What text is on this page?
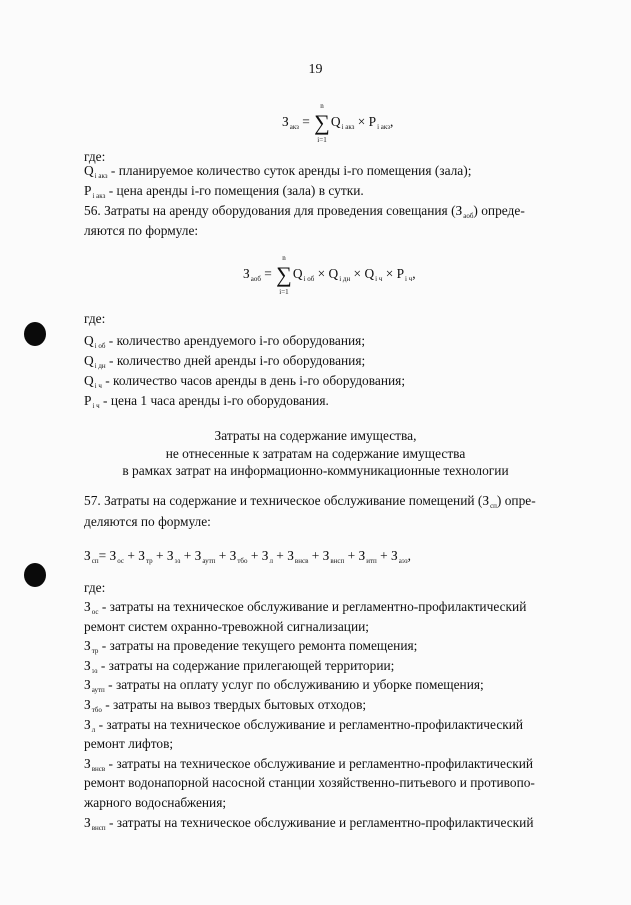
19
$З_{акз}$ = ∑
n
i=1
$Q_{i акз} \times P_{i акз}$,
где:
$Q_{i акз}$ - планируемое количество суток аренды i-го помещения (зала);
$P_{i акз}$ - цена аренды i-го помещения (зала) в сутки.
56. Затраты на аренду оборудования для проведения совещания $(З_{аоб})$ опреде-
ляются по формуле:
$З_{аоб}$ = ∑
n
i=1
$Q_{i об} \times Q_{i дн} \times Q_{i ч} \times P_{i ч}$,
где:
$Q_{i об}$ - количество арендуемого i-го оборудования;
$Q_{i дн}$ - количество дней аренды i-го оборудования;
$Q_{i ч}$ - количество часов аренды в день i-го оборудования;
$P_{i ч}$ - цена 1 часа аренды i-го оборудования.
Затраты на содержание имущества,
не отнесенные к затратам на содержание имущества
в рамках затрат на информационно-коммуникационные технологии
57. Затраты на содержание и техническое обслуживание помещений $(З_{сп})$ опре-
деляются по формуле:
$З_{сп}= З_{ос} + З_{тр} + З_{эз} + З_{аутп} + З_{тбо} + З_л + З_{внсв} + З_{внсп} + З_{итп} + З_{аэз}$,
где:
$З_{ос}$ - затраты на техническое обслуживание и регламентно-профилактический
ремонт систем охранно-тревожной сигнализации;
$З_{тр}$ - затраты на проведение текущего ремонта помещения;
$З_{эз}$ - затраты на содержание прилегающей территории;
$З_{аутп}$ - затраты на оплату услуг по обслуживанию и уборке помещения;
$З_{тбо}$ - затраты на вывоз твердых бытовых отходов;
$З_л$ - затраты на техническое обслуживание и регламентно-профилактический
ремонт лифтов;
$З_{внсв}$ - затраты на техническое обслуживание и регламентно-профилактический
ремонт водонапорной насосной станции хозяйственно-питьевого и противопо-
жарного водоснабжения;
$З_{внсп}$ - затраты на техническое обслуживание и регламентно-профилактический
